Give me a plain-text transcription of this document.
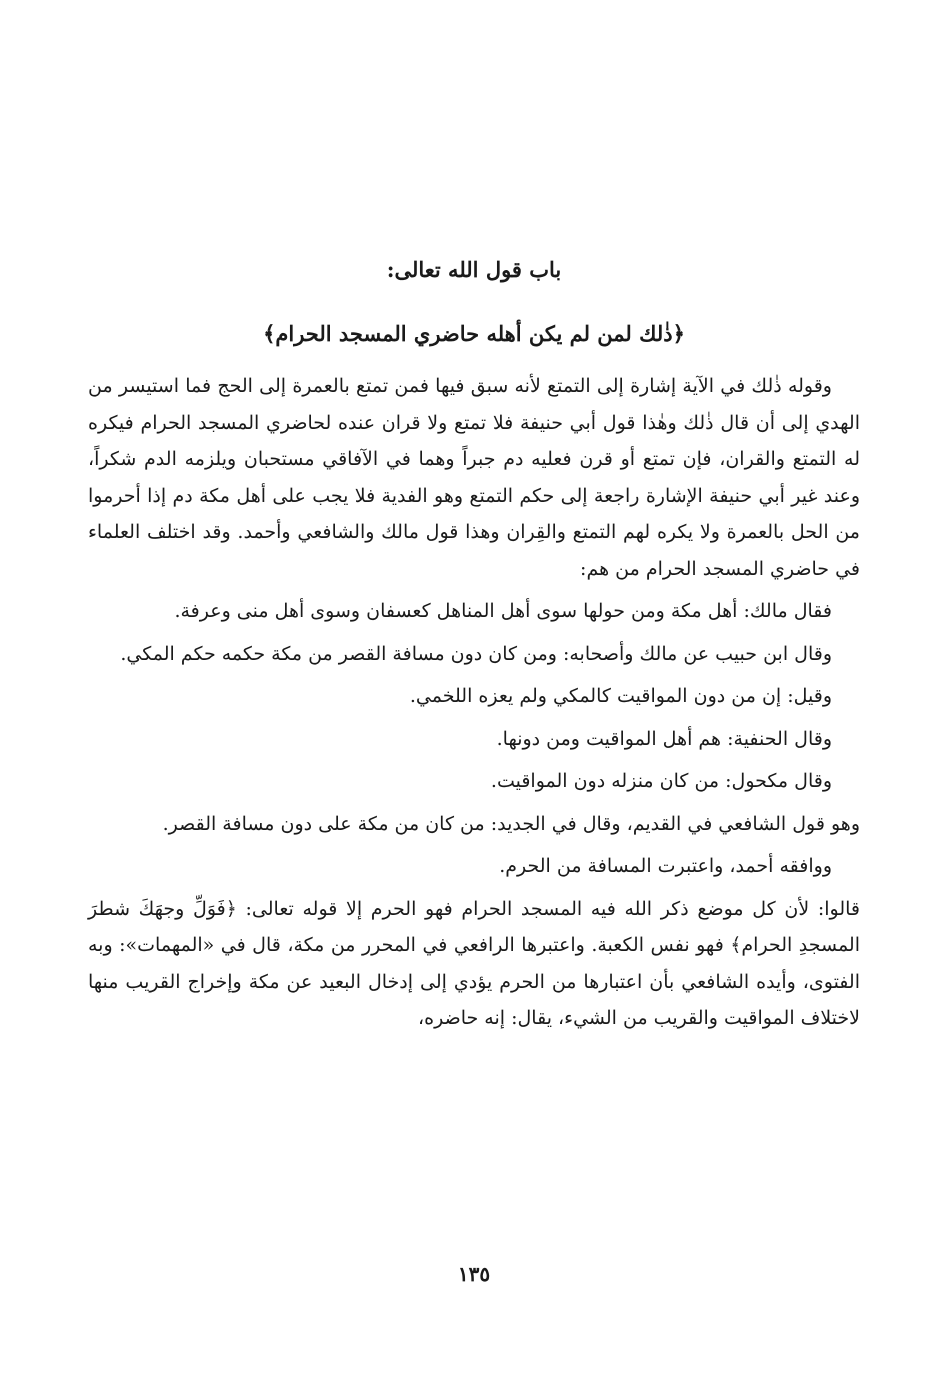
باب قول الله تعالى:
﴿ذٰلك لمن لم يكن أهله حاضري المسجد الحرام﴾

وقوله ذٰلك في الآية إشارة إلى التمتع لأنه سبق فيها فمن تمتع بالعمرة إلى الحج فما استيسر من الهدي إلى أن قال ذٰلك وهٰذا قول أبي حنيفة فلا تمتع ولا قران عنده لحاضري المسجد الحرام فيكره له التمتع والقران، فإن تمتع أو قرن فعليه دم جبراً وهما في الآفاقي مستحبان ويلزمه الدم شكراً، وعند غير أبي حنيفة الإشارة راجعة إلى حكم التمتع وهو الفدية فلا يجب على أهل مكة دم إذا أحرموا من الحل بالعمرة ولا يكره لهم التمتع والقِران وهذا قول مالك والشافعي وأحمد. وقد اختلف العلماء في حاضري المسجد الحرام من هم:

فقال مالك: أهل مكة ومن حولها سوى أهل المناهل كعسفان وسوى أهل منى وعرفة.

وقال ابن حبيب عن مالك وأصحابه: ومن كان دون مسافة القصر من مكة حكمه حكم المكي.

وقيل: إن من دون المواقيت كالمكي ولم يعزه اللخمي.

وقال الحنفية: هم أهل المواقيت ومن دونها.

وقال مكحول: من كان منزله دون المواقيت.

وهو قول الشافعي في القديم، وقال في الجديد: من كان من مكة على دون مسافة القصر.

ووافقه أحمد، واعتبرت المسافة من الحرم.

قالوا: لأن كل موضع ذكر الله فيه المسجد الحرام فهو الحرم إلا قوله تعالى: ﴿فَوَلِّ وجهَكَ شطرَ المسجدِ الحرام﴾ فهو نفس الكعبة. واعتبرها الرافعي في المحرر من مكة، قال في «المهمات»: وبه الفتوى، وأيده الشافعي بأن اعتبارها من الحرم يؤدي إلى إدخال البعيد عن مكة وإخراج القريب منها لاختلاف المواقيت والقريب من الشيء، يقال: إنه حاضره،

١٣٥
